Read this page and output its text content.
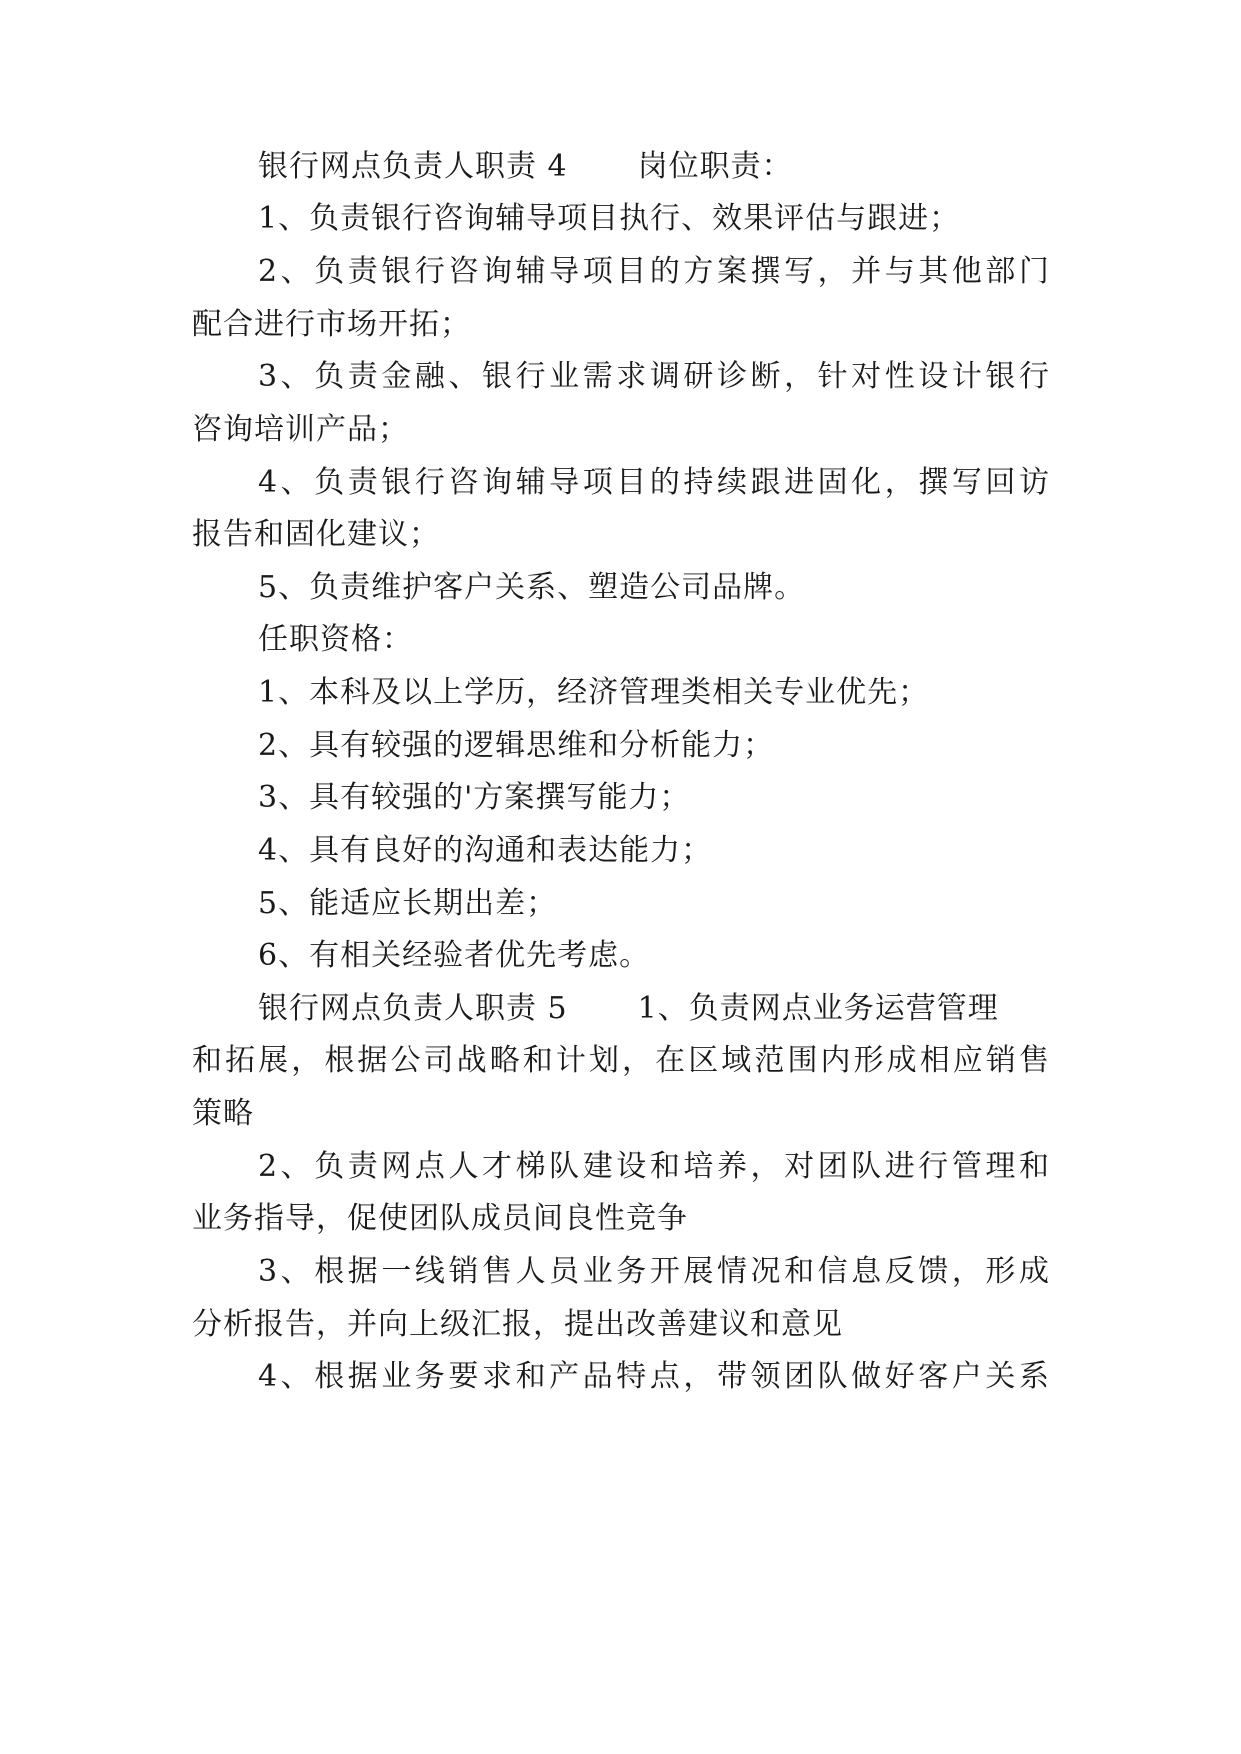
银行网点负责人职责 4 岗位职责：
1、负责银行咨询辅导项目执行、效果评估与跟进；
2、负责银行咨询辅导项目的方案撰写，并与其他部门
配合进行市场开拓；
3、负责金融、银行业需求调研诊断，针对性设计银行
咨询培训产品；
4、负责银行咨询辅导项目的持续跟进固化，撰写回访
报告和固化建议；
5、负责维护客户关系、塑造公司品牌。
任职资格：
1、本科及以上学历，经济管理类相关专业优先；
2、具有较强的逻辑思维和分析能力；
3、具有较强的'方案撰写能力；
4、具有良好的沟通和表达能力；
5、能适应长期出差；
6、有相关经验者优先考虑。
银行网点负责人职责 5 1、负责网点业务运营管理
和拓展，根据公司战略和计划，在区域范围内形成相应销售
策略
2、负责网点人才梯队建设和培养，对团队进行管理和
业务指导，促使团队成员间良性竞争
3、根据一线销售人员业务开展情况和信息反馈，形成
分析报告，并向上级汇报，提出改善建议和意见
4、根据业务要求和产品特点，带领团队做好客户关系
